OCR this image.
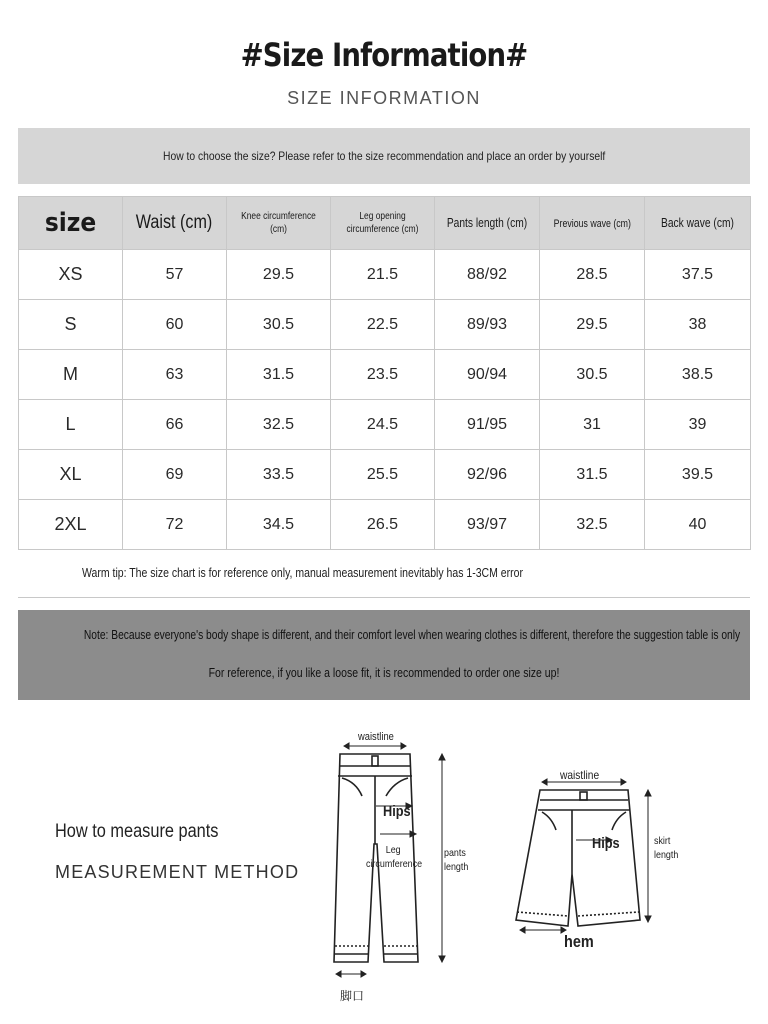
#Size Information#
SIZE INFORMATION
How to choose the size? Please refer to the size recommendation and place an order by yourself
size	Waist (cm)	Knee circumference (cm)	Leg opening circumference (cm)	Pants length (cm)	Previous wave (cm)	Back wave (cm)
XS	57	29.5	21.5	88/92	28.5	37.5
S	60	30.5	22.5	89/93	29.5	38
M	63	31.5	23.5	90/94	30.5	38.5
L	66	32.5	24.5	91/95	31	39
XL	69	33.5	25.5	92/96	31.5	39.5
2XL	72	34.5	26.5	93/97	32.5	40
Warm tip: The size chart is for reference only, manual measurement inevitably has 1-3CM error
Note: Because everyone's body shape is different, and their comfort level when wearing clothes is different, therefore the suggestion table is only
For reference, if you like a loose fit, it is recommended to order one size up!
How to measure pants
MEASUREMENT METHOD
waistline
Hips
Leg circumference
pants length
脚口
waistline
Hips	skirt length
hem
